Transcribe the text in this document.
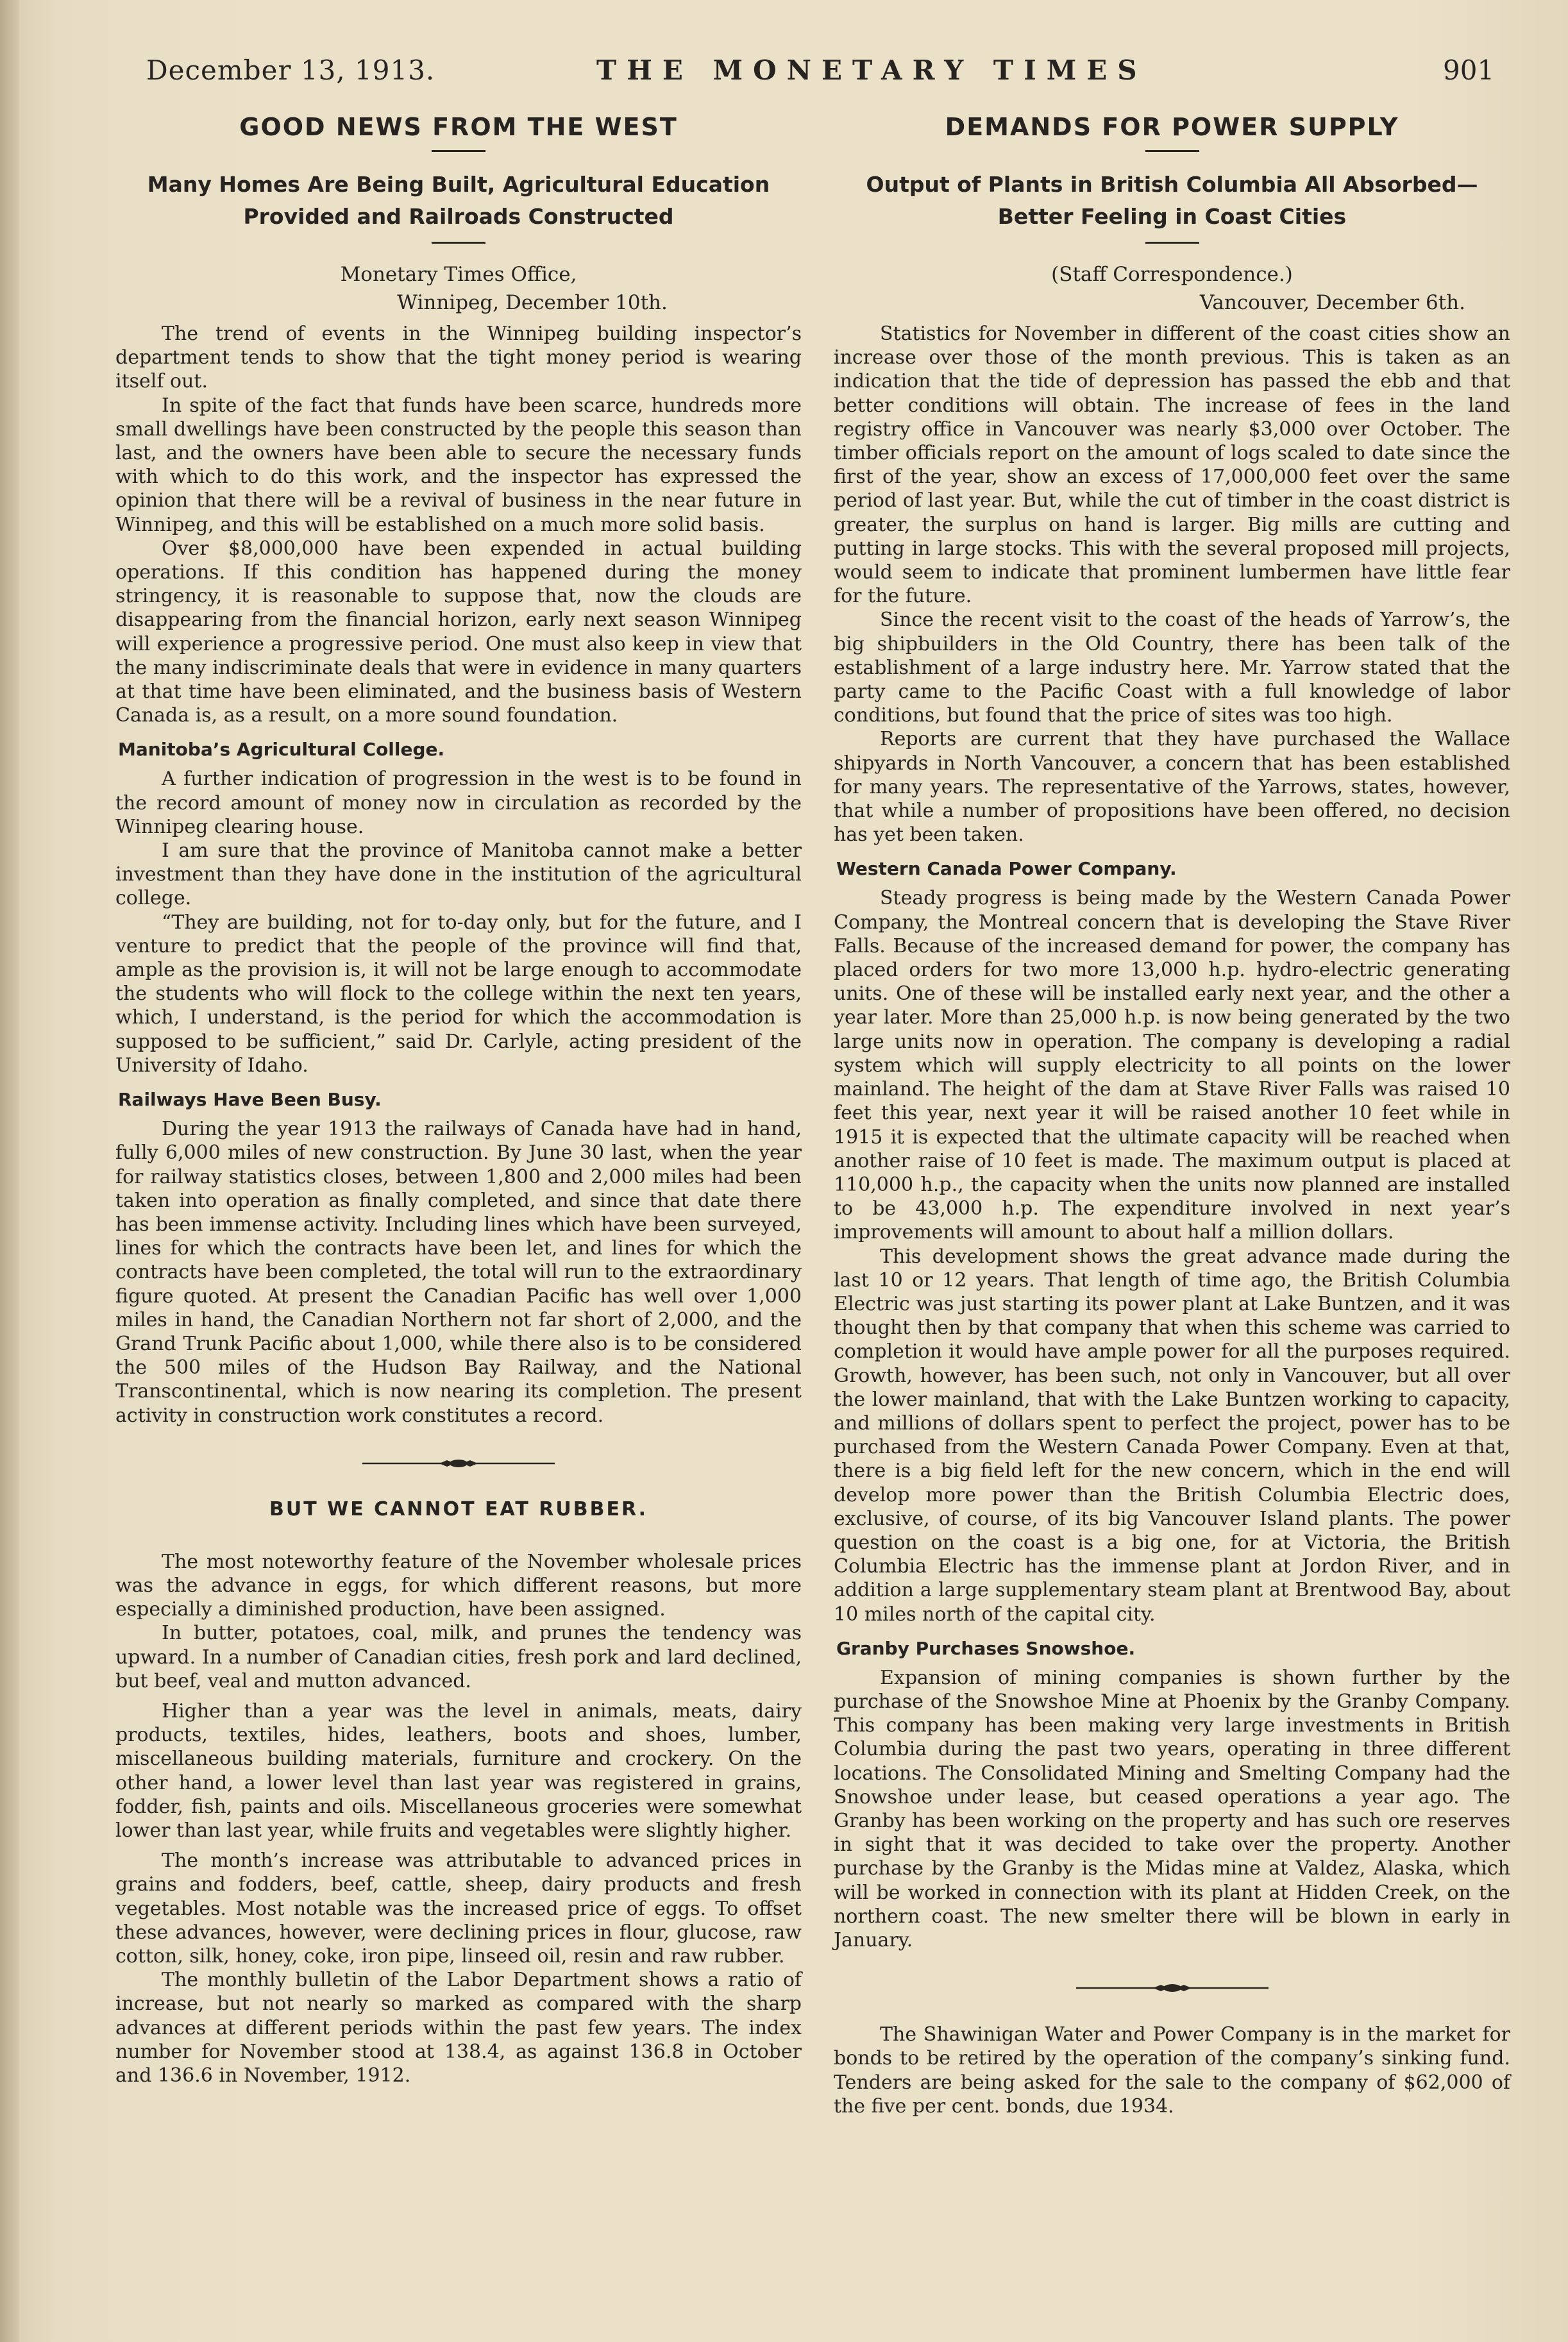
December 13, 1913.	THE MONETARY TIMES	901
GOOD NEWS FROM THE WEST
Many Homes Are Being Built, Agricultural Education
Provided and Railroads Constructed

Monetary Times Office,

Winnipeg, December 10th.

The trend of events in the Winnipeg building inspector’s department tends to show that the tight money period is wearing itself out.

In spite of the fact that funds have been scarce, hundreds more small dwellings have been constructed by the people this season than last, and the owners have been able to secure the necessary funds with which to do this work, and the inspector has expressed the opinion that there will be a revival of business in the near future in Winnipeg, and this will be established on a much more solid basis.

Over $8,000,000 have been expended in actual building operations. If this condition has happened during the money stringency, it is reasonable to suppose that, now the clouds are disappearing from the financial horizon, early next season Winnipeg will experience a progressive period. One must also keep in view that the many indiscriminate deals that were in evidence in many quarters at that time have been eliminated, and the business basis of Western Canada is, as a result, on a more sound foundation.

Manitoba’s Agricultural College.

A further indication of progression in the west is to be found in the record amount of money now in circulation as recorded by the Winnipeg clearing house.

I am sure that the province of Manitoba cannot make a better investment than they have done in the institution of the agricultural college.

“They are building, not for to-day only, but for the future, and I venture to predict that the people of the province will find that, ample as the provision is, it will not be large enough to accommodate the students who will flock to the college within the next ten years, which, I understand, is the period for which the accommodation is supposed to be sufficient,” said Dr. Carlyle, acting president of the University of Idaho.

Railways Have Been Busy.

During the year 1913 the railways of Canada have had in hand, fully 6,000 miles of new construction. By June 30 last, when the year for railway statistics closes, between 1,800 and 2,000 miles had been taken into operation as finally completed, and since that date there has been immense activity. Including lines which have been surveyed, lines for which the contracts have been let, and lines for which the contracts have been completed, the total will run to the extraordinary figure quoted. At present the Canadian Pacific has well over 1,000 miles in hand, the Canadian Northern not far short of 2,000, and the Grand Trunk Pacific about 1,000, while there also is to be considered the 500 miles of the Hudson Bay Railway, and the National Transcontinental, which is now nearing its completion. The present activity in construction work constitutes a record.

BUT WE CANNOT EAT RUBBER.

The most noteworthy feature of the November wholesale prices was the advance in eggs, for which different reasons, but more especially a diminished production, have been assigned.

In butter, potatoes, coal, milk, and prunes the tendency was upward. In a number of Canadian cities, fresh pork and lard declined, but beef, veal and mutton advanced.

Higher than a year was the level in animals, meats, dairy products, textiles, hides, leathers, boots and shoes, lumber, miscellaneous building materials, furniture and crockery. On the other hand, a lower level than last year was registered in grains, fodder, fish, paints and oils. Miscellaneous groceries were somewhat lower than last year, while fruits and vegetables were slightly higher.

The month’s increase was attributable to advanced prices in grains and fodders, beef, cattle, sheep, dairy products and fresh vegetables. Most notable was the increased price of eggs. To offset these advances, however, were declining prices in flour, glucose, raw cotton, silk, honey, coke, iron pipe, linseed oil, resin and raw rubber.

The monthly bulletin of the Labor Department shows a ratio of increase, but not nearly so marked as compared with the sharp advances at different periods within the past few years. The index number for November stood at 138.4, as against 136.8 in October and 136.6 in November, 1912.

DEMANDS FOR POWER SUPPLY
Output of Plants in British Columbia All Absorbed—
Better Feeling in Coast Cities

(Staff Correspondence.)

Vancouver, December 6th.

Statistics for November in different of the coast cities show an increase over those of the month previous. This is taken as an indication that the tide of depression has passed the ebb and that better conditions will obtain. The increase of fees in the land registry office in Vancouver was nearly $3,000 over October. The timber officials report on the amount of logs scaled to date since the first of the year, show an excess of 17,000,000 feet over the same period of last year. But, while the cut of timber in the coast district is greater, the surplus on hand is larger. Big mills are cutting and putting in large stocks. This with the several proposed mill projects, would seem to indicate that prominent lumbermen have little fear for the future.

Since the recent visit to the coast of the heads of Yarrow’s, the big shipbuilders in the Old Country, there has been talk of the establishment of a large industry here. Mr. Yarrow stated that the party came to the Pacific Coast with a full knowledge of labor conditions, but found that the price of sites was too high.

Reports are current that they have purchased the Wallace shipyards in North Vancouver, a concern that has been established for many years. The representative of the Yarrows, states, however, that while a number of propositions have been offered, no decision has yet been taken.

Western Canada Power Company.

Steady progress is being made by the Western Canada Power Company, the Montreal concern that is developing the Stave River Falls. Because of the increased demand for power, the company has placed orders for two more 13,000 h.p. hydro-electric generating units. One of these will be installed early next year, and the other a year later. More than 25,000 h.p. is now being generated by the two large units now in operation. The company is developing a radial system which will supply electricity to all points on the lower mainland. The height of the dam at Stave River Falls was raised 10 feet this year, next year it will be raised another 10 feet while in 1915 it is expected that the ultimate capacity will be reached when another raise of 10 feet is made. The maximum output is placed at 110,000 h.p., the capacity when the units now planned are installed to be 43,000 h.p. The expenditure involved in next year’s improvements will amount to about half a million dollars.

This development shows the great advance made during the last 10 or 12 years. That length of time ago, the British Columbia Electric was just starting its power plant at Lake Buntzen, and it was thought then by that company that when this scheme was carried to completion it would have ample power for all the purposes required. Growth, however, has been such, not only in Vancouver, but all over the lower mainland, that with the Lake Buntzen working to capacity, and millions of dollars spent to perfect the project, power has to be purchased from the Western Canada Power Company. Even at that, there is a big field left for the new concern, which in the end will develop more power than the British Columbia Electric does, exclusive, of course, of its big Vancouver Island plants. The power question on the coast is a big one, for at Victoria, the British Columbia Electric has the immense plant at Jordon River, and in addition a large supplementary steam plant at Brentwood Bay, about 10 miles north of the capital city.

Granby Purchases Snowshoe.

Expansion of mining companies is shown further by the purchase of the Snowshoe Mine at Phoenix by the Granby Company. This company has been making very large investments in British Columbia during the past two years, operating in three different locations. The Consolidated Mining and Smelting Company had the Snowshoe under lease, but ceased operations a year ago. The Granby has been working on the property and has such ore reserves in sight that it was decided to take over the property. Another purchase by the Granby is the Midas mine at Valdez, Alaska, which will be worked in connection with its plant at Hidden Creek, on the northern coast. The new smelter there will be blown in early in January.

The Shawinigan Water and Power Company is in the market for bonds to be retired by the operation of the company’s sinking fund. Tenders are being asked for the sale to the company of $62,000 of the five per cent. bonds, due 1934.
